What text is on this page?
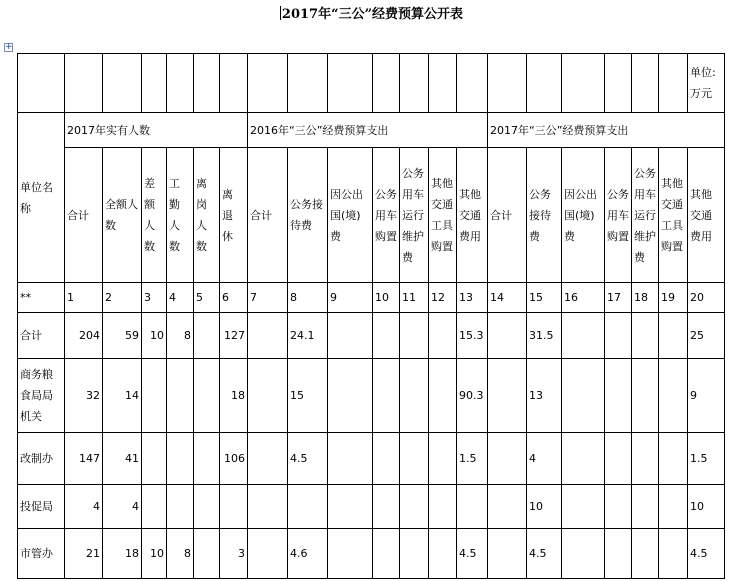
2017年“三公”经费预算公开表
+
																				单位:万元
单位名称	2017年实有人数						2016年“三公”经费预算支出							2017年“三公”经费预算支出						
	合计	全额人数	差额人数	工勤人数	离岗人数	离退休	合计	公务接待费	因公出国(境)费	公务用车购置	公务用车运行维护费	其他交通工具购置	其他交通费用	合计	公务接待费	因公出国(境)费	公务用车购置	公务用车运行维护费	其他交通工具购置	其他交通费用
**	1	2	3	4	5	6	7	8	9	10	11	12	13	14	15	16	17	18	19	20
合计	204	59	10	8		127		24.1					15.3		31.5					25
商务粮食局局机关	32	14				18		15					90.3		13					9
改制办	147	41				106		4.5					1.5		4					1.5
投促局	4	4													10					10
市管办	21	18	10	8		3		4.6					4.5		4.5					4.5
